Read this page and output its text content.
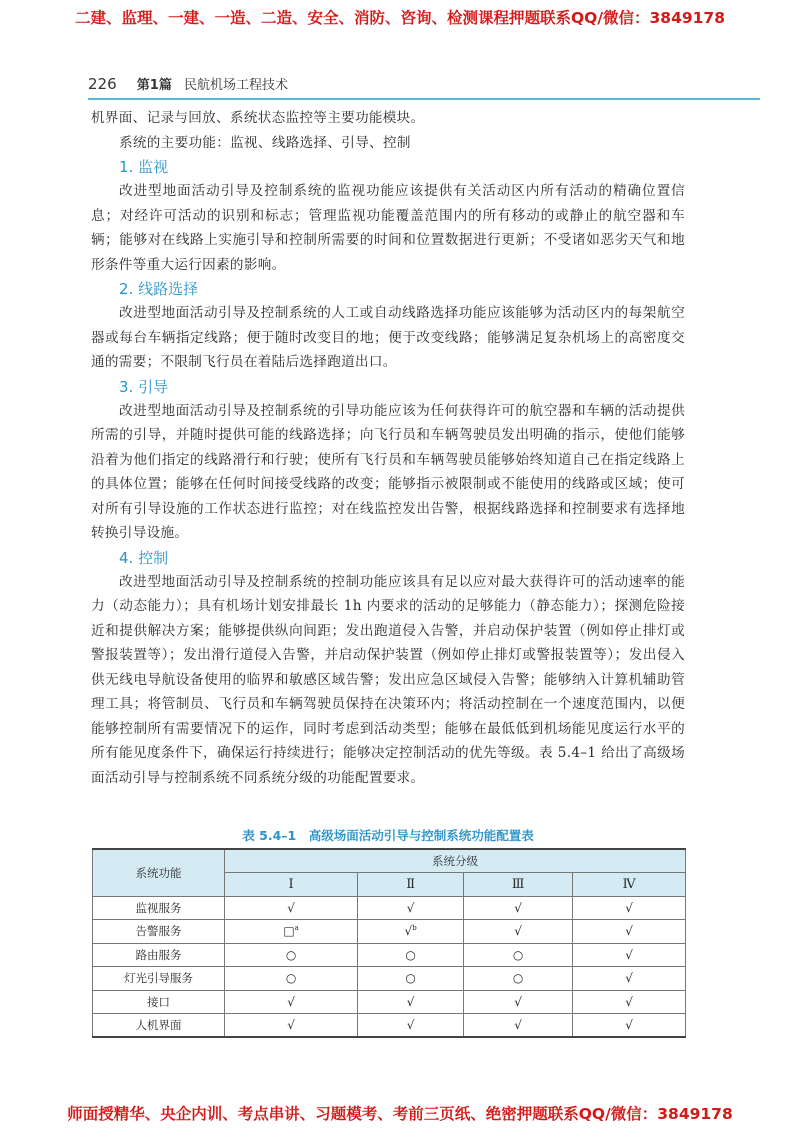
二建、监理、一建、一造、二造、安全、消防、咨询、检测课程押题联系QQ/微信：3849178
226 第1篇 民航机场工程技术
机界面、记录与回放、系统状态监控等主要功能模块。
系统的主要功能：监视、线路选择、引导、控制
1. 监视
改进型地面活动引导及控制系统的监视功能应该提供有关活动区内所有活动的精确位置信息；对经许可活动的识别和标志；管理监视功能覆盖范围内的所有移动的或静止的航空器和车辆；能够对在线路上实施引导和控制所需要的时间和位置数据进行更新；不受诸如恶劣天气和地形条件等重大运行因素的影响。
2. 线路选择
改进型地面活动引导及控制系统的人工或自动线路选择功能应该能够为活动区内的每架航空器或每台车辆指定线路；便于随时改变目的地；便于改变线路；能够满足复杂机场上的高密度交通的需要；不限制飞行员在着陆后选择跑道出口。
3. 引导
改进型地面活动引导及控制系统的引导功能应该为任何获得许可的航空器和车辆的活动提供所需的引导，并随时提供可能的线路选择；向飞行员和车辆驾驶员发出明确的指示，使他们能够沿着为他们指定的线路滑行和行驶；使所有飞行员和车辆驾驶员能够始终知道自己在指定线路上的具体位置；能够在任何时间接受线路的改变；能够指示被限制或不能使用的线路或区域；使可对所有引导设施的工作状态进行监控；对在线监控发出告警，根据线路选择和控制要求有选择地转换引导设施。
4. 控制
改进型地面活动引导及控制系统的控制功能应该具有足以应对最大获得许可的活动速率的能力（动态能力）；具有机场计划安排最长 1h 内要求的活动的足够能力（静态能力）；探测危险接近和提供解决方案；能够提供纵向间距；发出跑道侵入告警，并启动保护装置（例如停止排灯或警报装置等）；发出滑行道侵入告警，并启动保护装置（例如停止排灯或警报装置等）；发出侵入供无线电导航设备使用的临界和敏感区域告警；发出应急区域侵入告警；能够纳入计算机辅助管理工具；将管制员、飞行员和车辆驾驶员保持在决策环内；将活动控制在一个速度范围内，以便能够控制所有需要情况下的运作，同时考虑到活动类型；能够在最低低到机场能见度运行水平的所有能见度条件下，确保运行持续进行；能够决定控制活动的优先等级。表 5.4–1 给出了高级场面活动引导与控制系统不同系统分级的功能配置要求。
表 5.4–1　高级场面活动引导与控制系统功能配置表
系统功能	系统分级			
	Ⅰ	Ⅱ	Ⅲ	Ⅳ
监视服务	√	√	√	√
告警服务	□$^a$	√$^b$	√	√
路由服务	○	○	○	√
灯光引导服务	○	○	○	√
接口	√	√	√	√
人机界面	√	√	√	√
师面授精华、央企内训、考点串讲、习题模考、考前三页纸、绝密押题联系QQ/微信：3849178
